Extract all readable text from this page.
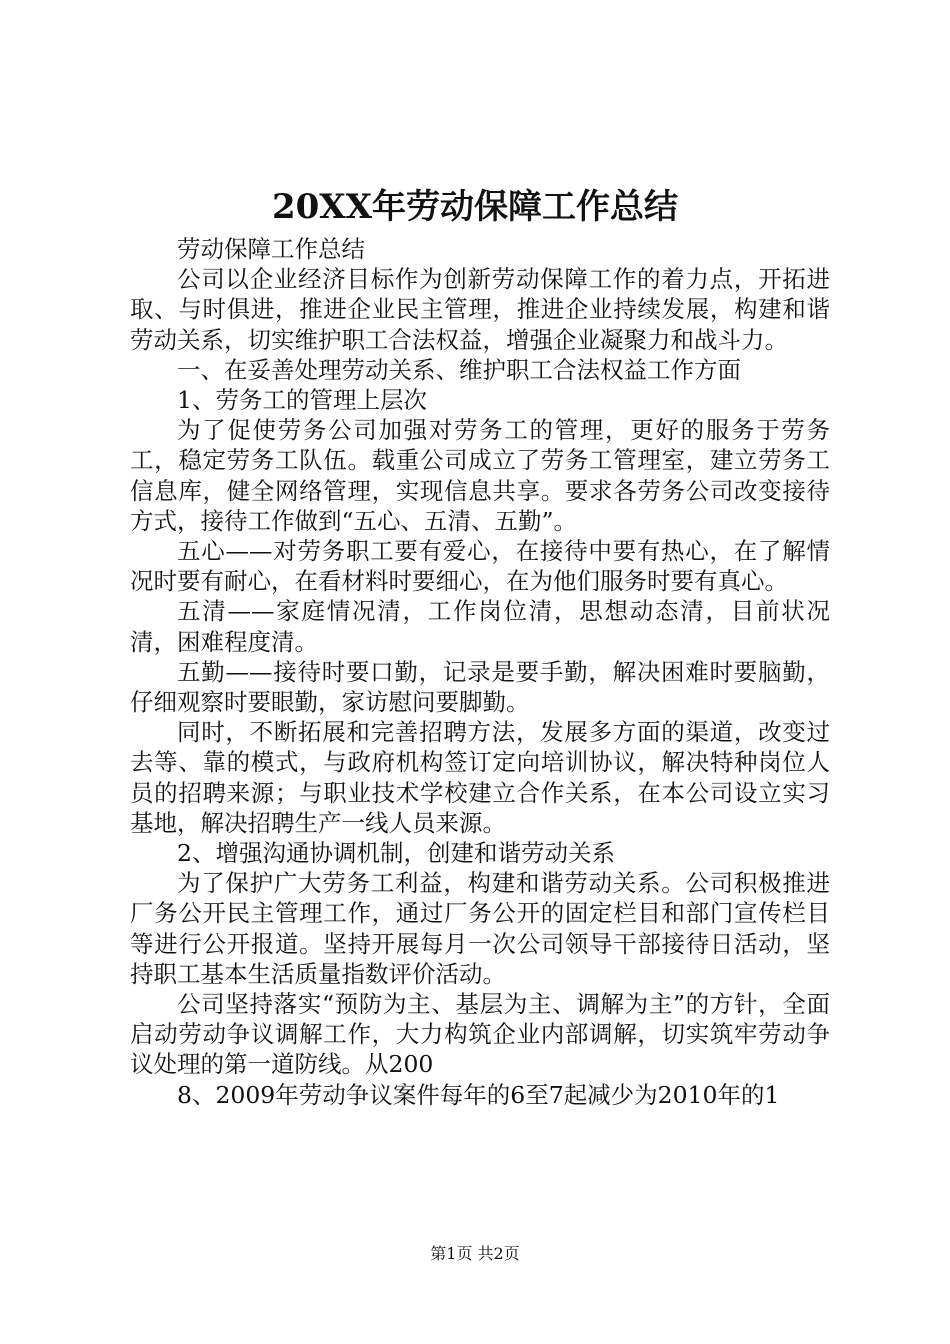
20XX年劳动保障工作总结

劳动保障工作总结

公司以企业经济目标作为创新劳动保障工作的着力点，开拓进取、与时俱进，推进企业民主管理，推进企业持续发展，构建和谐劳动关系，切实维护职工合法权益，增强企业凝聚力和战斗力。

一、在妥善处理劳动关系、维护职工合法权益工作方面

1、劳务工的管理上层次

为了促使劳务公司加强对劳务工的管理，更好的服务于劳务工，稳定劳务工队伍。载重公司成立了劳务工管理室，建立劳务工信息库，健全网络管理，实现信息共享。要求各劳务公司改变接待方式，接待工作做到“五心、五清、五勤”。

五心——对劳务职工要有爱心，在接待中要有热心，在了解情况时要有耐心，在看材料时要细心，在为他们服务时要有真心。

五清——家庭情况清，工作岗位清，思想动态清，目前状况清，困难程度清。

五勤——接待时要口勤，记录是要手勤，解决困难时要脑勤，仔细观察时要眼勤，家访慰问要脚勤。

同时，不断拓展和完善招聘方法，发展多方面的渠道，改变过去等、靠的模式，与政府机构签订定向培训协议，解决特种岗位人员的招聘来源；与职业技术学校建立合作关系，在本公司设立实习基地，解决招聘生产一线人员来源。

2、增强沟通协调机制，创建和谐劳动关系

为了保护广大劳务工利益，构建和谐劳动关系。公司积极推进厂务公开民主管理工作，通过厂务公开的固定栏目和部门宣传栏目等进行公开报道。坚持开展每月一次公司领导干部接待日活动，坚持职工基本生活质量指数评价活动。

公司坚持落实“预防为主、基层为主、调解为主”的方针，全面启动劳动争议调解工作，大力构筑企业内部调解，切实筑牢劳动争议处理的第一道防线。从200

8、2009年劳动争议案件每年的6至7起减少为2010年的1

第1页 共2页
